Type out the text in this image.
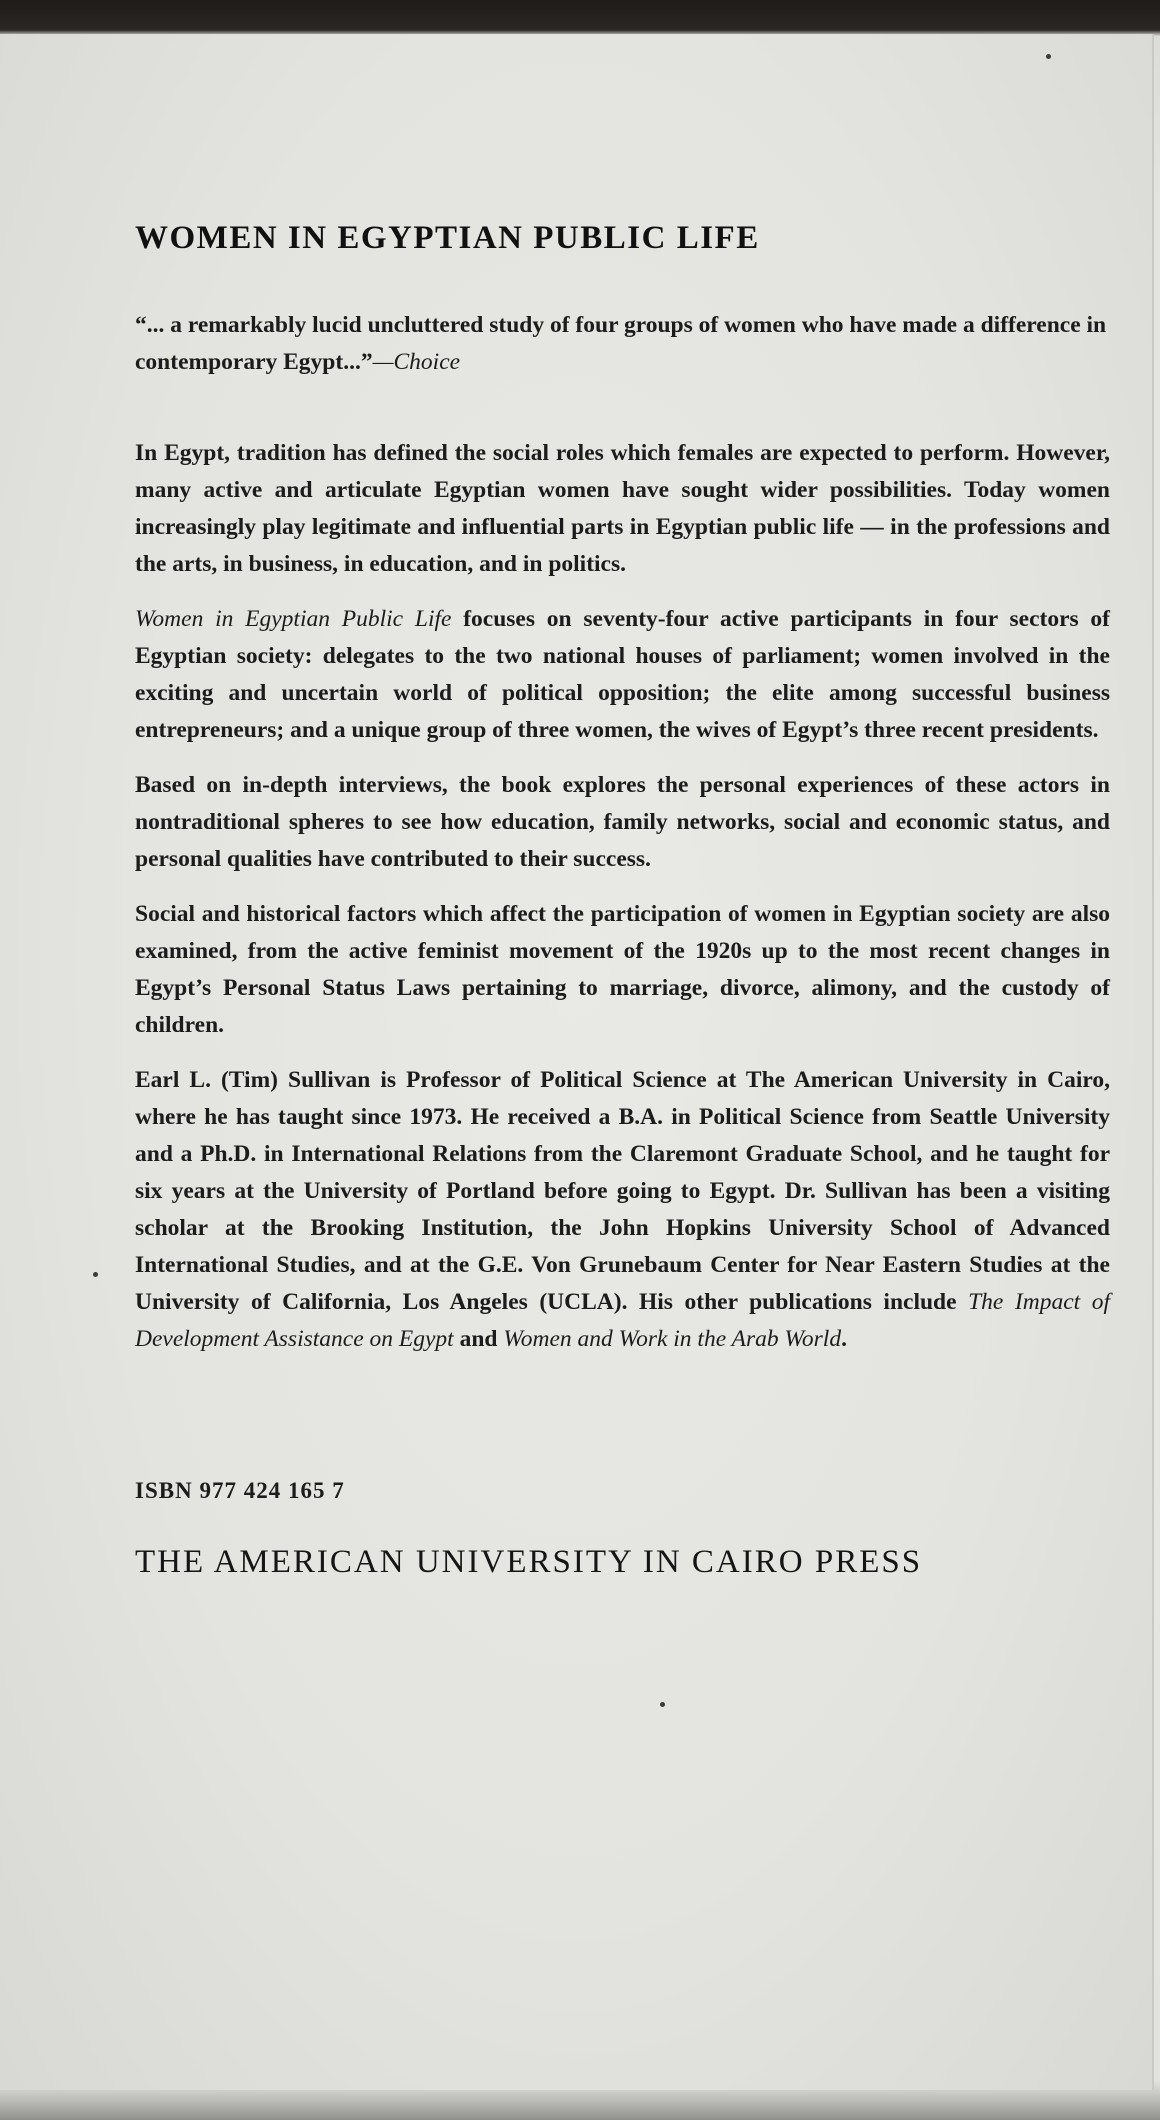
WOMEN IN EGYPTIAN PUBLIC LIFE

“... a remarkably lucid uncluttered study of four groups of women who have made a difference in contemporary Egypt...”—Choice

In Egypt, tradition has defined the social roles which females are expected to perform. However, many active and articulate Egyptian women have sought wider possibilities. Today women increasingly play legitimate and influential parts in Egyptian public life — in the professions and the arts, in business, in education, and in politics.

Women in Egyptian Public Life focuses on seventy-four active participants in four sectors of Egyptian society: delegates to the two national houses of parliament; women involved in the exciting and uncertain world of political opposition; the elite among successful business entrepreneurs; and a unique group of three women, the wives of Egypt’s three recent presidents.

Based on in-depth interviews, the book explores the personal experiences of these actors in nontraditional spheres to see how education, family networks, social and economic status, and personal qualities have contributed to their success.

Social and historical factors which affect the participation of women in Egyptian society are also examined, from the active feminist movement of the 1920s up to the most recent changes in Egypt’s Personal Status Laws pertaining to marriage, divorce, alimony, and the custody of children.

Earl L. (Tim) Sullivan is Professor of Political Science at The American University in Cairo, where he has taught since 1973. He received a B.A. in Political Science from Seattle University and a Ph.D. in International Relations from the Claremont Graduate School, and he taught for six years at the University of Portland before going to Egypt. Dr. Sullivan has been a visiting scholar at the Brooking Institution, the John Hopkins University School of Advanced International Studies, and at the G.E. Von Grunebaum Center for Near Eastern Studies at the University of California, Los Angeles (UCLA). His other publications include The Impact of Development Assistance on Egypt and Women and Work in the Arab World.

ISBN 977 424 165 7
THE AMERICAN UNIVERSITY IN CAIRO PRESS
